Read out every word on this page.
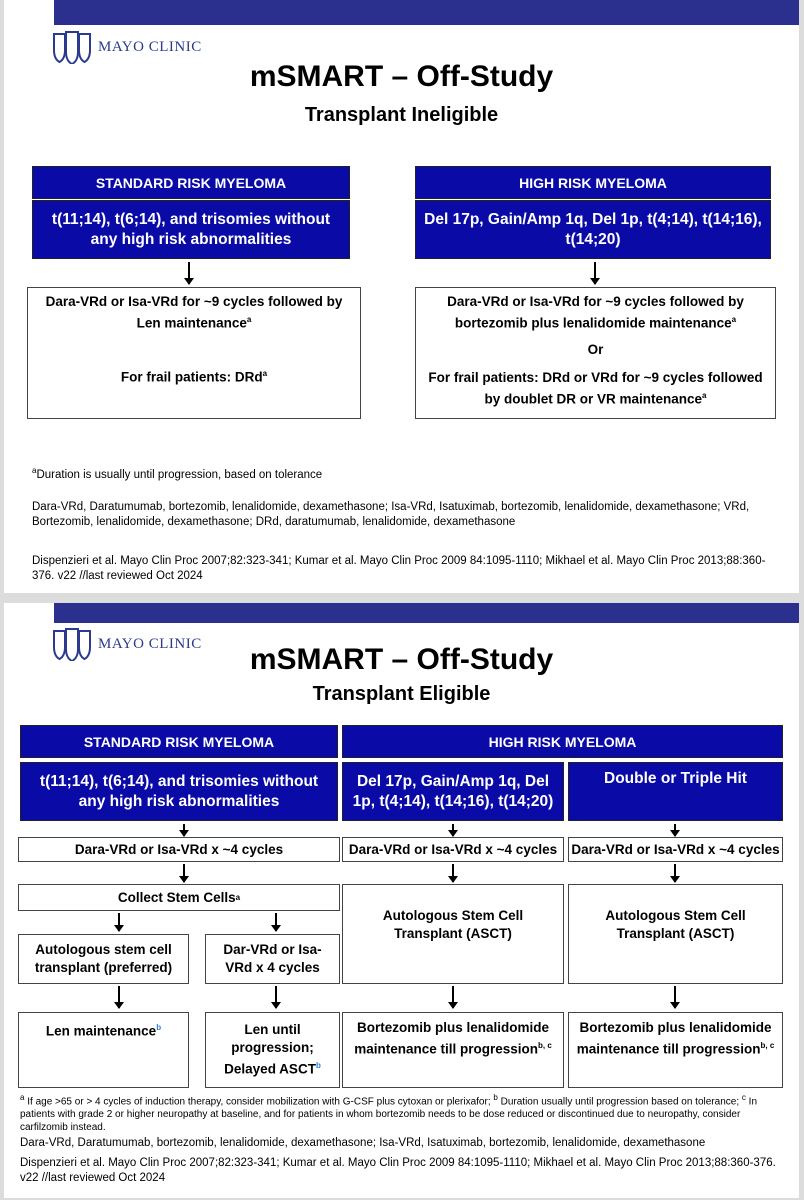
MAYO CLINIC
mSMART – Off-Study
Transplant Ineligible
STANDARD RISK MYELOMA
t(11;14), t(6;14), and trisomies without any high risk abnormalities
Dara-VRd or Isa-VRd for ~9 cycles followed by Len maintenance$^a$
For frail patients: DRd$^a$
HIGH RISK MYELOMA
Del 17p, Gain/Amp 1q, Del 1p, t(4;14), t(14;16), t(14;20)
Dara-VRd or Isa-VRd for ~9 cycles followed by bortezomib plus lenalidomide maintenance$^a$
Or
For frail patients: DRd or VRd for ~9 cycles followed by doublet DR or VR maintenance$^a$
$^a$Duration is usually until progression, based on tolerance
Dara-VRd, Daratumumab, bortezomib, lenalidomide, dexamethasone; Isa-VRd, Isatuximab, bortezomib, lenalidomide, dexamethasone; VRd, Bortezomib, lenalidomide, dexamethasone; DRd, daratumumab, lenalidomide, dexamethasone
Dispenzieri et al. Mayo Clin Proc 2007;82:323-341; Kumar et al. Mayo Clin Proc 2009 84:1095-1110; Mikhael et al. Mayo Clin Proc 2013;88:360-376. v22 //last reviewed Oct 2024
MAYO CLINIC	mSMART – Off-Study
Transplant Eligible
STANDARD RISK MYELOMA
t(11;14), t(6;14), and trisomies without any high risk abnormalities
Dara-VRd or Isa-VRd x ~4 cycles
Collect Stem Cells a
Autologous stem cell transplant (preferred)
Dar-VRd or Isa-VRd x 4 cycles
Len maintenance$^b$	Len until progression; Delayed ASCT$^b$
HIGH RISK MYELOMA
Del 17p, Gain/Amp 1q, Del 1p, t(4;14), t(14;16), t(14;20)
Double or Triple Hit
Dara-VRd or Isa-VRd x ~4 cycles	Dara-VRd or Isa-VRd x ~4 cycles
Autologous Stem Cell Transplant (ASCT)
Autologous Stem Cell Transplant (ASCT)
Bortezomib plus lenalidomide maintenance till progression$^{b, c}$
Bortezomib plus lenalidomide maintenance till progression$^{b, c}$
$^a$ If age >65 or > 4 cycles of induction therapy, consider mobilization with G-CSF plus cytoxan or plerixafor; $^b$ Duration usually until progression based on tolerance; $^c$ In patients with grade 2 or higher neuropathy at baseline, and for patients in whom bortezomib needs to be dose reduced or discontinued due to neuropathy, consider carfilzomib instead.
Dara-VRd, Daratumumab, bortezomib, lenalidomide, dexamethasone; Isa-VRd, Isatuximab, bortezomib, lenalidomide, dexamethasone
Dispenzieri et al. Mayo Clin Proc 2007;82:323-341; Kumar et al. Mayo Clin Proc 2009 84:1095-1110; Mikhael et al. Mayo Clin Proc 2013;88:360-376. v22 //last reviewed Oct 2024
